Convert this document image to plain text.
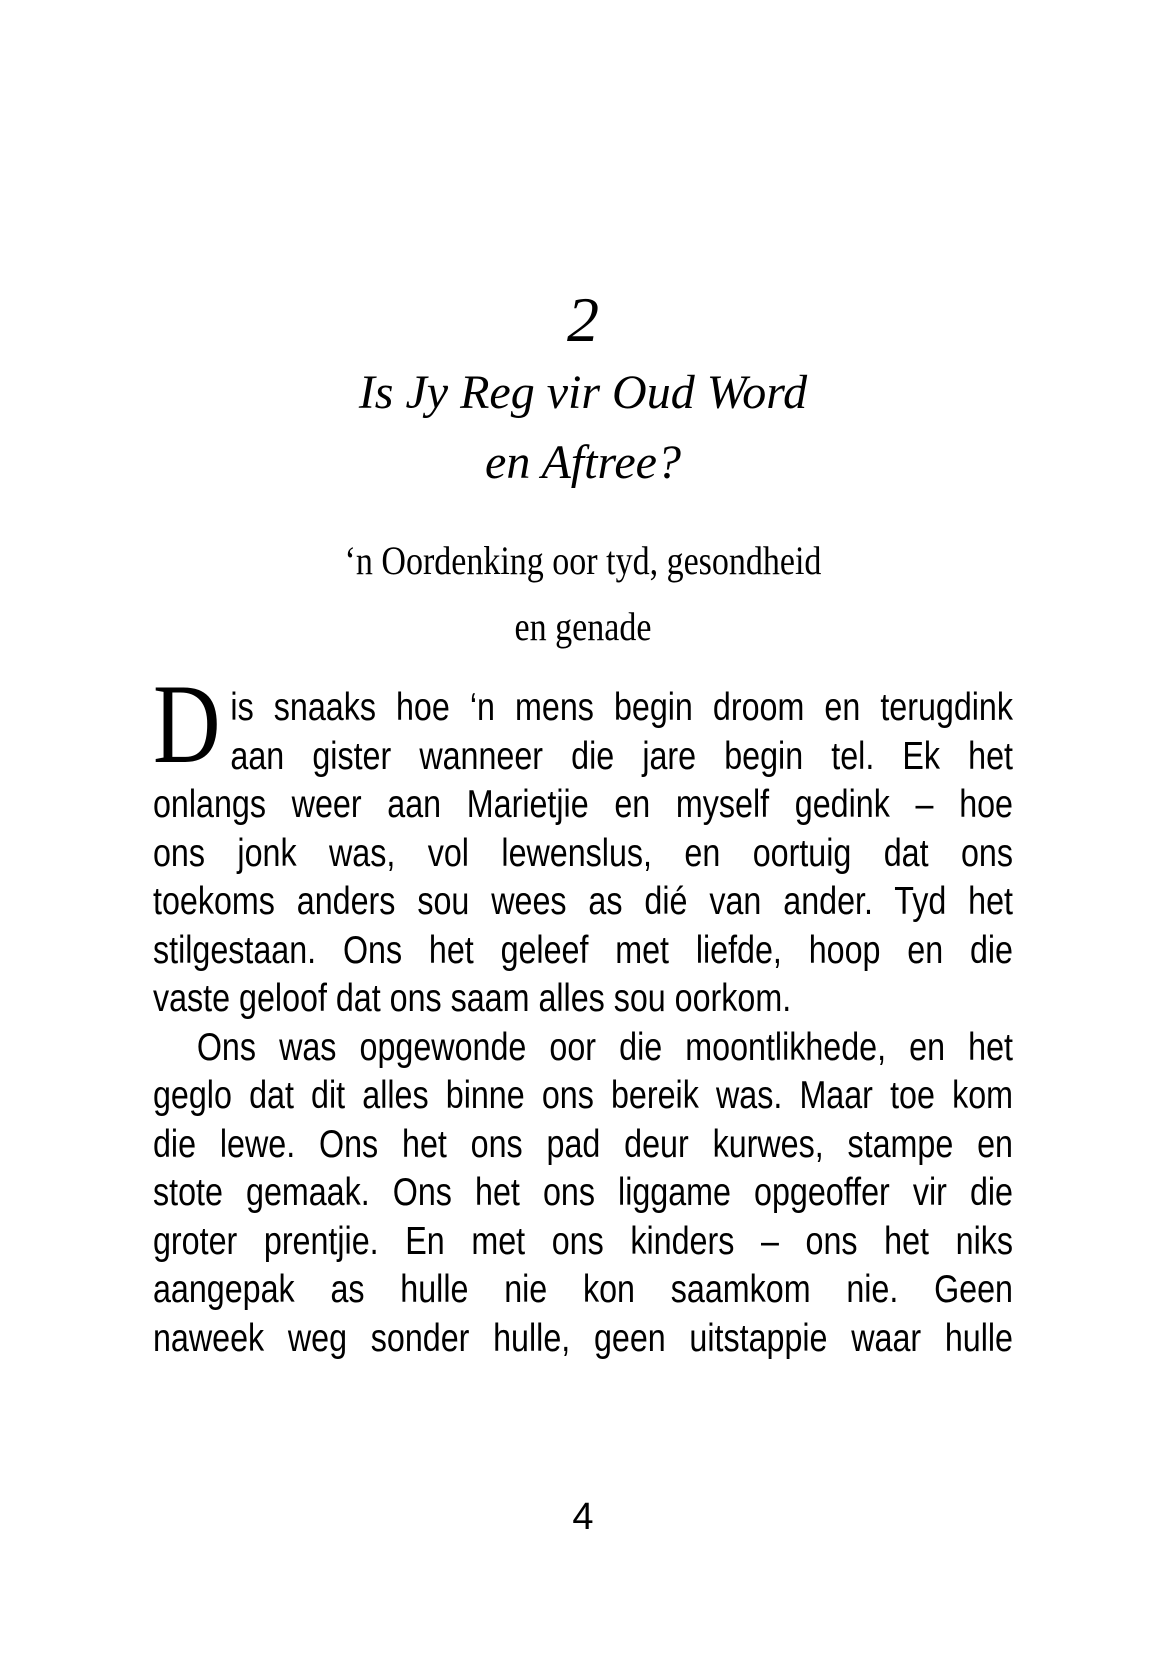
2
Is Jy Reg vir Oud Word
en Aftree?
‘n Oordenking oor tyd, gesondheid
en genade
D is snaaks hoe ‘n mens begin droom en terugdink
aan gister wanneer die jare begin tel. Ek het
onlangs weer aan Marietjie en myself gedink – hoe
ons jonk was, vol lewenslus, en oortuig dat ons
toekoms anders sou wees as dié van ander. Tyd het
stilgestaan. Ons het geleef met liefde, hoop en die
vaste geloof dat ons saam alles sou oorkom.
Ons was opgewonde oor die moontlikhede, en het
geglo dat dit alles binne ons bereik was. Maar toe kom
die lewe. Ons het ons pad deur kurwes, stampe en
stote gemaak. Ons het ons liggame opgeoffer vir die
groter prentjie. En met ons kinders – ons het niks
aangepak as hulle nie kon saamkom nie. Geen
naweek weg sonder hulle, geen uitstappie waar hulle
4
